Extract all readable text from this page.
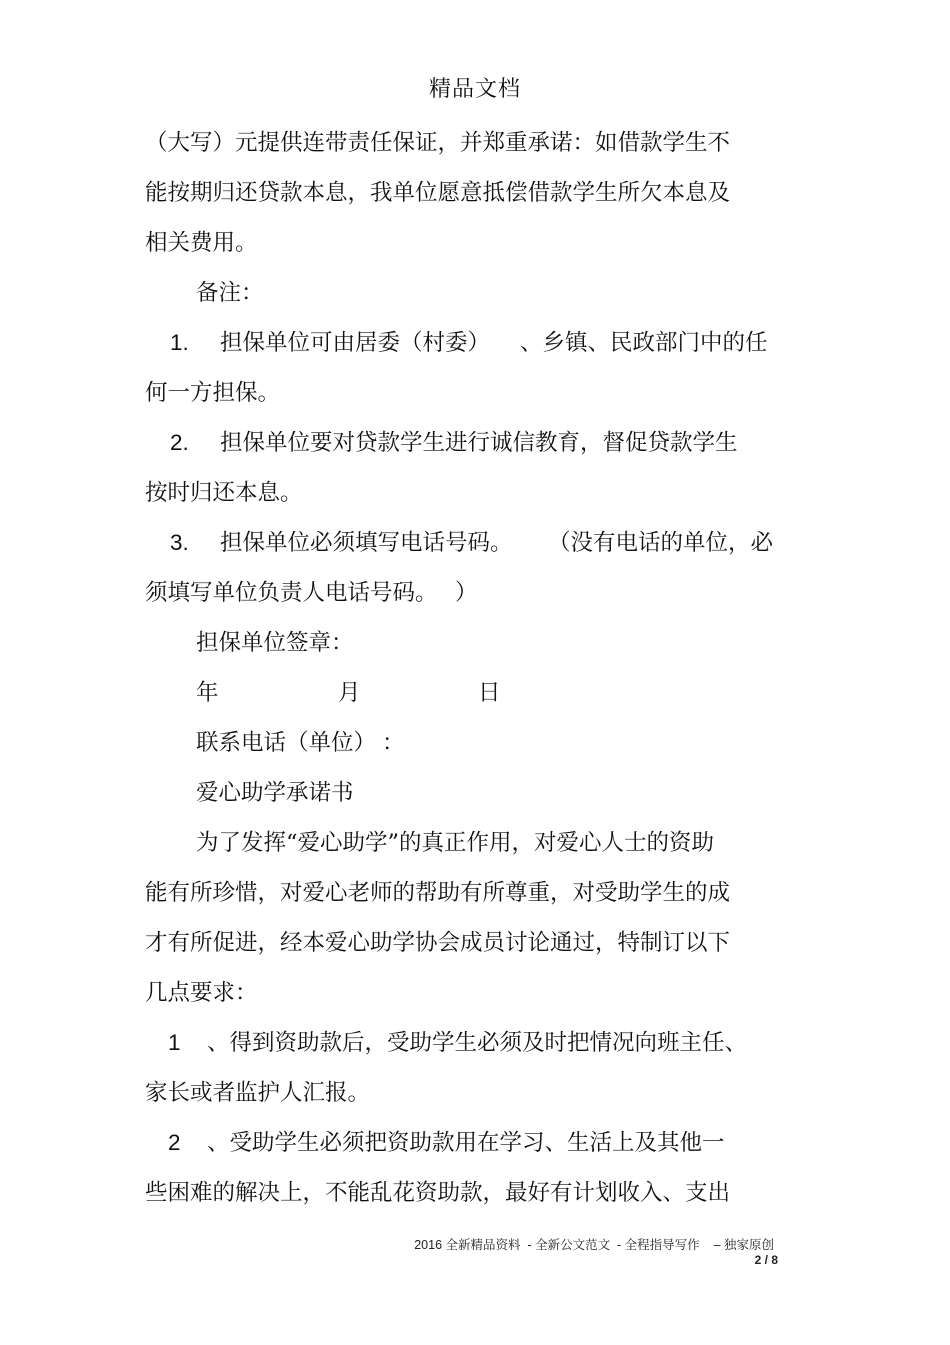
精品文档
（大写）元提供连带责任保证，并郑重承诺：如借款学生不
能按期归还贷款本息，我单位愿意抵偿借款学生所欠本息及
相关费用。
备注：
1. 担保单位可由居委（村委） 、乡镇、民政部门中的任
何一方担保。
2. 担保单位要对贷款学生进行诚信教育，督促贷款学生
按时归还本息。
3. 担保单位必须填写电话号码。 （没有电话的单位，必
须填写单位负责人电话号码。 ）
担保单位签章：
年	月	日
联系电话（单位） ：
爱心助学承诺书
为了发挥“爱心助学”的真正作用，对爱心人士的资助
能有所珍惜，对爱心老师的帮助有所尊重，对受助学生的成
才有所促进，经本爱心助学协会成员讨论通过，特制订以下
几点要求：
1 、得到资助款后，受助学生必须及时把情况向班主任、
家长或者监护人汇报。
2 、受助学生必须把资助款用在学习、生活上及其他一
些困难的解决上，不能乱花资助款，最好有计划收入、支出
2016 全新精品资料  - 全新公文范文  - 全程指导写作    – 独家原创
2 / 8
